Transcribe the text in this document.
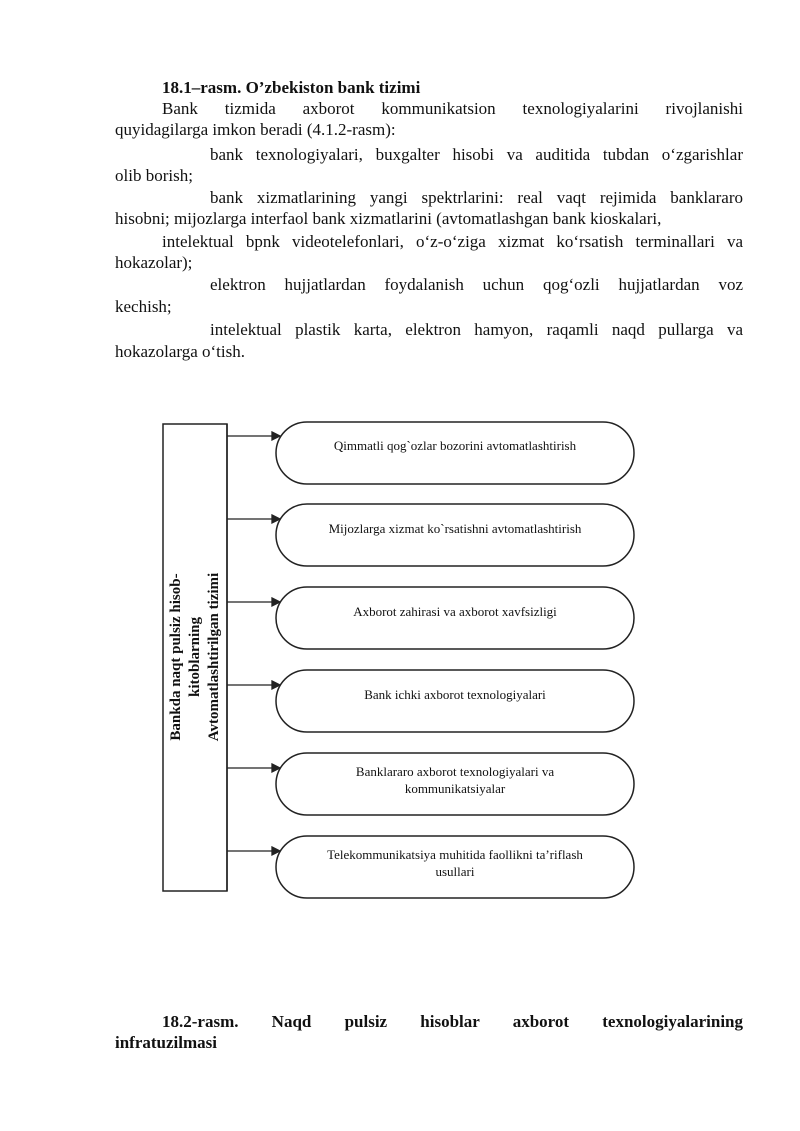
18.1–rasm. O’zbekiston bank tizimi
Bank tizmida axborot kommunikatsion texnologiyalarini rivojlanishi
quyidagilarga imkon beradi (4.1.2-rasm):
bank texnologiyalari, buxgalter hisobi va auditida tubdan o‘zgarishlar
olib borish;
bank xizmatlarining yangi spektrlarini: real vaqt rejimida banklararo
hisobni; mijozlarga interfaol bank xizmatlarini (avtomatlashgan bank kioskalari,
intelektual bpnk videotelefonlari, o‘z-o‘ziga xizmat ko‘rsatish terminallari va
hokazolar);
elektron hujjatlardan foydalanish uchun qog‘ozli hujjatlardan voz
kechish;
intelektual plastik karta, elektron hamyon, raqamli naqd pullarga va
hokazolarga o‘tish.
Bankda naqt pulsiz hisob-kitoblarning Avtomatlashtirilgan tizimi
Qimmatli qog`ozlar bozorini avtomatlashtirish
Mijozlarga xizmat ko`rsatishni avtomatlashtirish
Axborot zahirasi va axborot xavfsizligi
Bank ichki axborot texnologiyalari
Banklararo axborot texnologiyalari va
kommunikatsiyalar
Telekommunikatsiya muhitida faollikni ta’riflash
usullari
18.2-rasm. Naqd pulsiz hisoblar axborot texnologiyalarining
infratuzilmasi
